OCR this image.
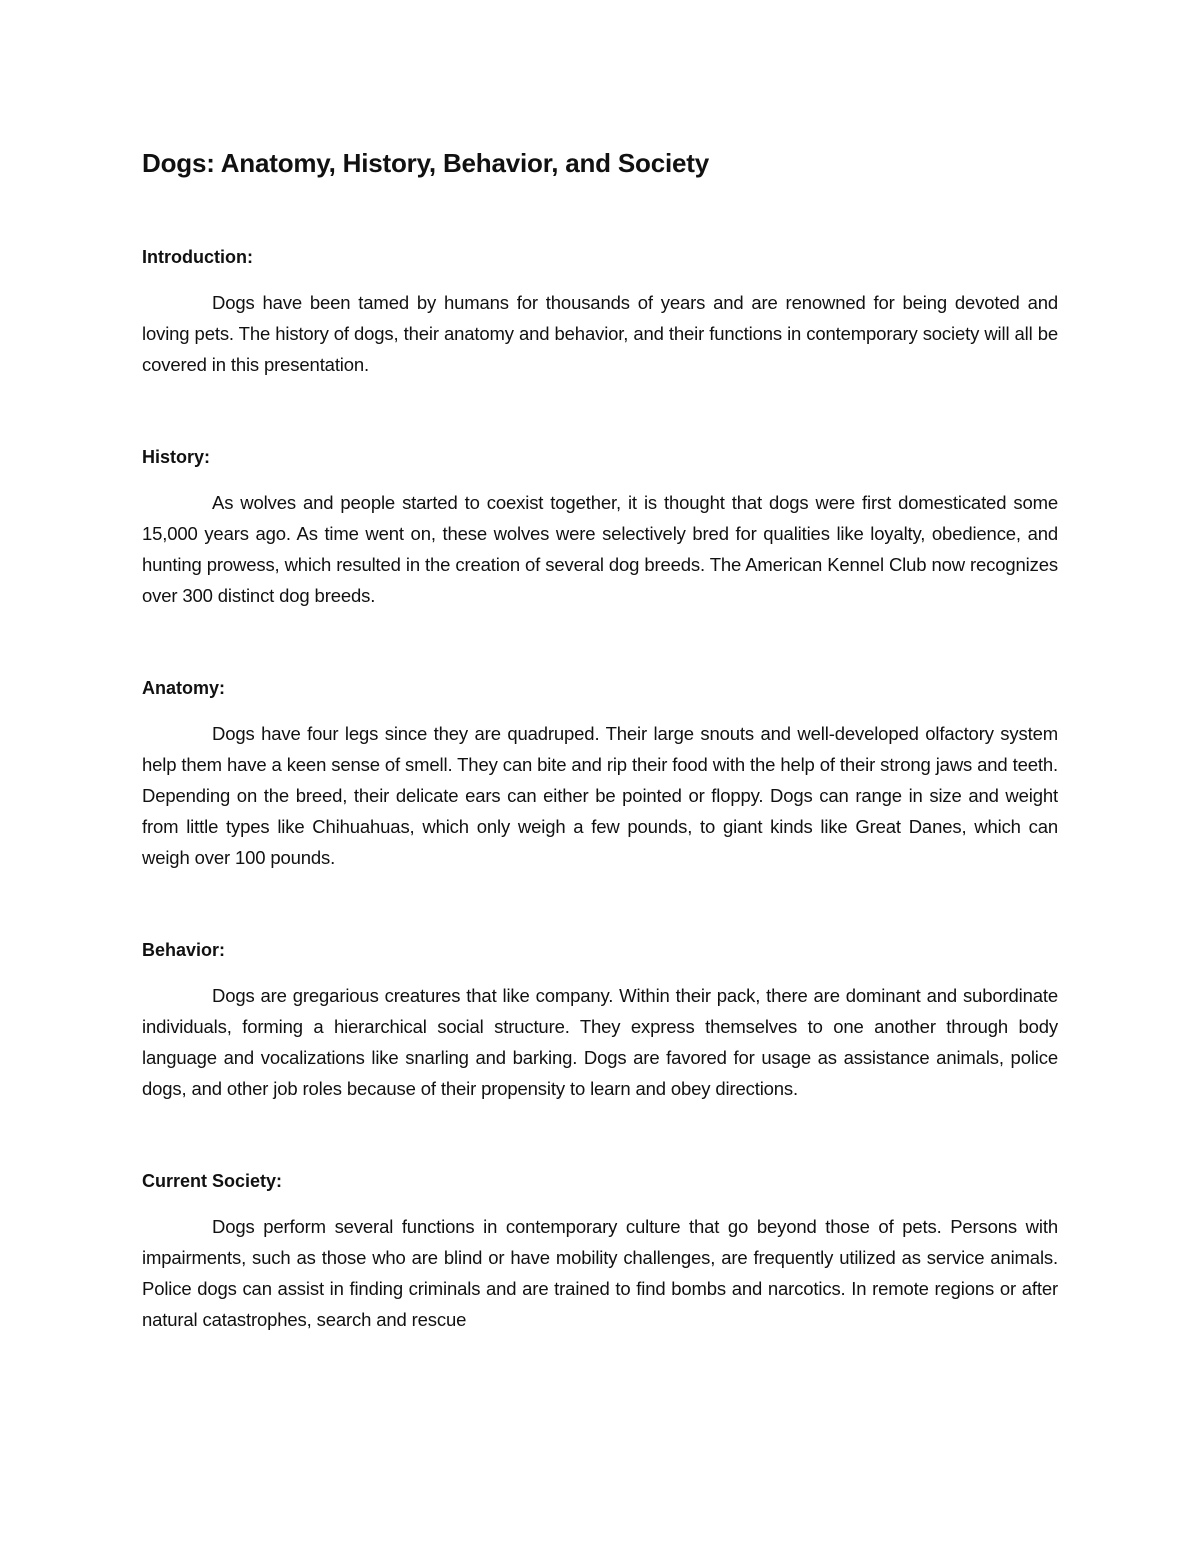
Dogs: Anatomy, History, Behavior, and Society
Introduction:

Dogs have been tamed by humans for thousands of years and are renowned for being devoted and loving pets. The history of dogs, their anatomy and behavior, and their functions in contemporary society will all be covered in this presentation.

History:

As wolves and people started to coexist together, it is thought that dogs were first domesticated some 15,000 years ago. As time went on, these wolves were selectively bred for qualities like loyalty, obedience, and hunting prowess, which resulted in the creation of several dog breeds. The American Kennel Club now recognizes over 300 distinct dog breeds.

Anatomy:

Dogs have four legs since they are quadruped. Their large snouts and well-developed olfactory system help them have a keen sense of smell. They can bite and rip their food with the help of their strong jaws and teeth. Depending on the breed, their delicate ears can either be pointed or floppy. Dogs can range in size and weight from little types like Chihuahuas, which only weigh a few pounds, to giant kinds like Great Danes, which can weigh over 100 pounds.

Behavior:

Dogs are gregarious creatures that like company. Within their pack, there are dominant and subordinate individuals, forming a hierarchical social structure. They express themselves to one another through body language and vocalizations like snarling and barking. Dogs are favored for usage as assistance animals, police dogs, and other job roles because of their propensity to learn and obey directions.

Current Society:

Dogs perform several functions in contemporary culture that go beyond those of pets. Persons with impairments, such as those who are blind or have mobility challenges, are frequently utilized as service animals. Police dogs can assist in finding criminals and are trained to find bombs and narcotics. In remote regions or after natural catastrophes, search and rescue
